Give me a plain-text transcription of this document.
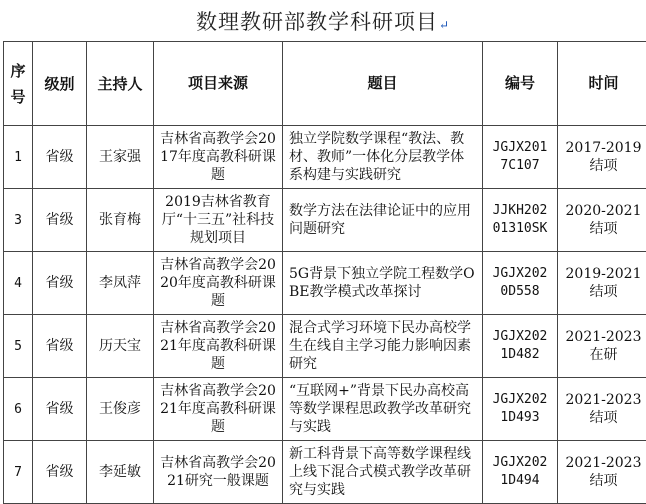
数理教研部教学科研项目↵
序号	级别	主持人	项目来源	题目	编号	时间
1	省级	王家强	吉林省高教学会2017年度高教科研课题	独立学院数学课程“教法、教材、教师”一体化分层教学体系构建与实践研究	JGJX2017C107	2017-2019结项

3	省级	张育梅	2019吉林省教育厅“十三五”社科技规划项目	数学方法在法律论证中的应用问题研究	JJKH20201310SK	2020-2021结项

4	省级	李凤萍	吉林省高教学会2020年度高教科研课题	5G背景下独立学院工程数学OBE教学模式改革探讨	JGJX2020D558	2019-2021结项

5	省级	历天宝	吉林省高教学会2021年度高教科研课题	混合式学习环境下民办高校学生在线自主学习能力影响因素研究	JGJX2021D482	2021-2023在研

6	省级	王俊彦	吉林省高教学会2021年度高教科研课题	“互联网+”背景下民办高校高等数学课程思政教学改革研究与实践	JGJX2021D493	2021-2023结项

7	省级	李延敏	吉林省高教学会2021研究一般课题	新工科背景下高等数学课程线上线下混合式模式教学改革研究与实践	JGJX2021D494	2021-2023结项
